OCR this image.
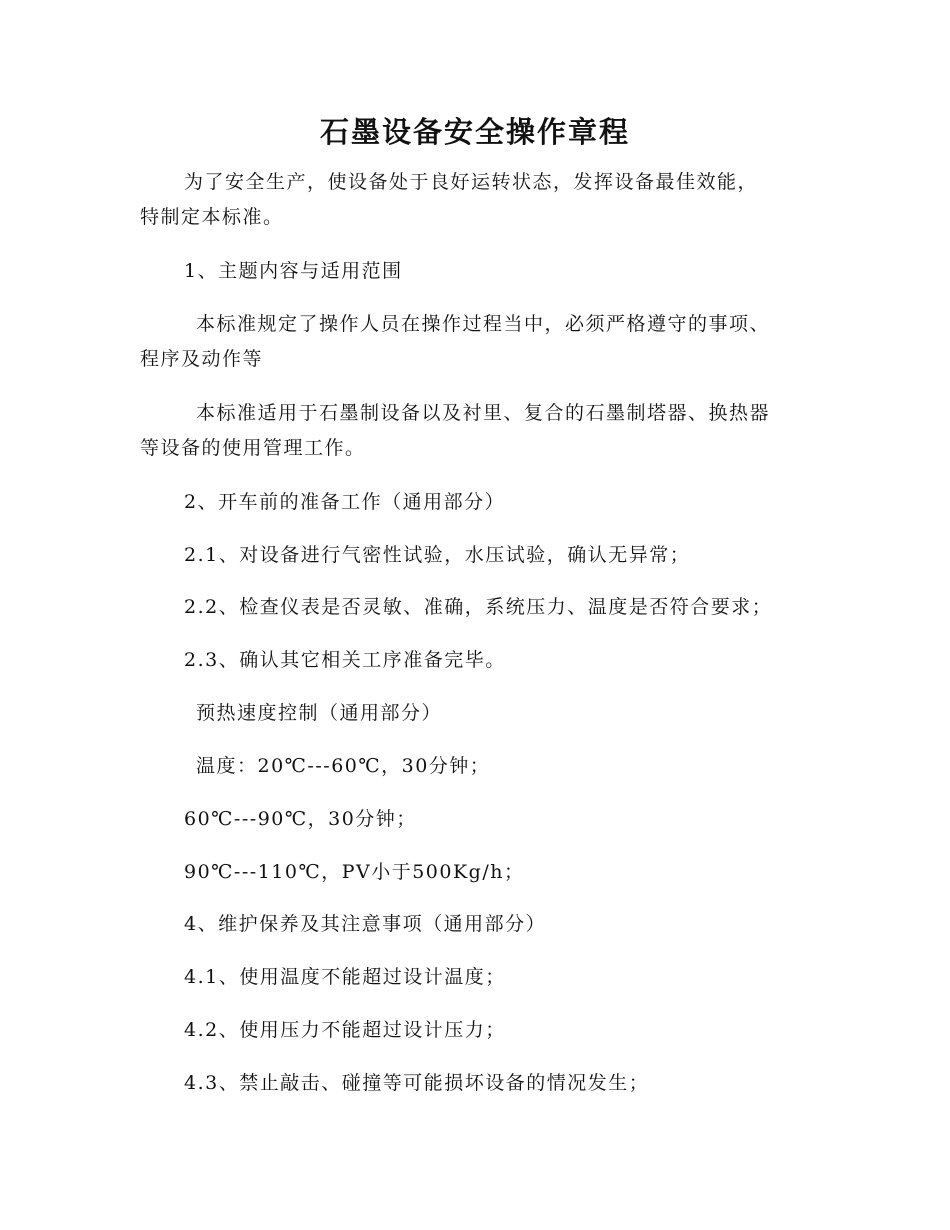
石墨设备安全操作章程

为了安全生产，使设备处于良好运转状态，发挥设备最佳效能，
特制定本标准。

1、主题内容与适用范围

本标准规定了操作人员在操作过程当中，必须严格遵守的事项、
程序及动作等

本标准适用于石墨制设备以及衬里、复合的石墨制塔器、换热器
等设备的使用管理工作。

2、开车前的准备工作（通用部分）

2.1、对设备进行气密性试验，水压试验，确认无异常；

2.2、检查仪表是否灵敏、准确，系统压力、温度是否符合要求；

2.3、确认其它相关工序准备完毕。

预热速度控制（通用部分）

温度：20℃---60℃，30分钟；

60℃---90℃，30分钟；

90℃---110℃，PV小于500Kg/h；

4、维护保养及其注意事项（通用部分）

4.1、使用温度不能超过设计温度；

4.2、使用压力不能超过设计压力；

4.3、禁止敲击、碰撞等可能损坏设备的情况发生；
